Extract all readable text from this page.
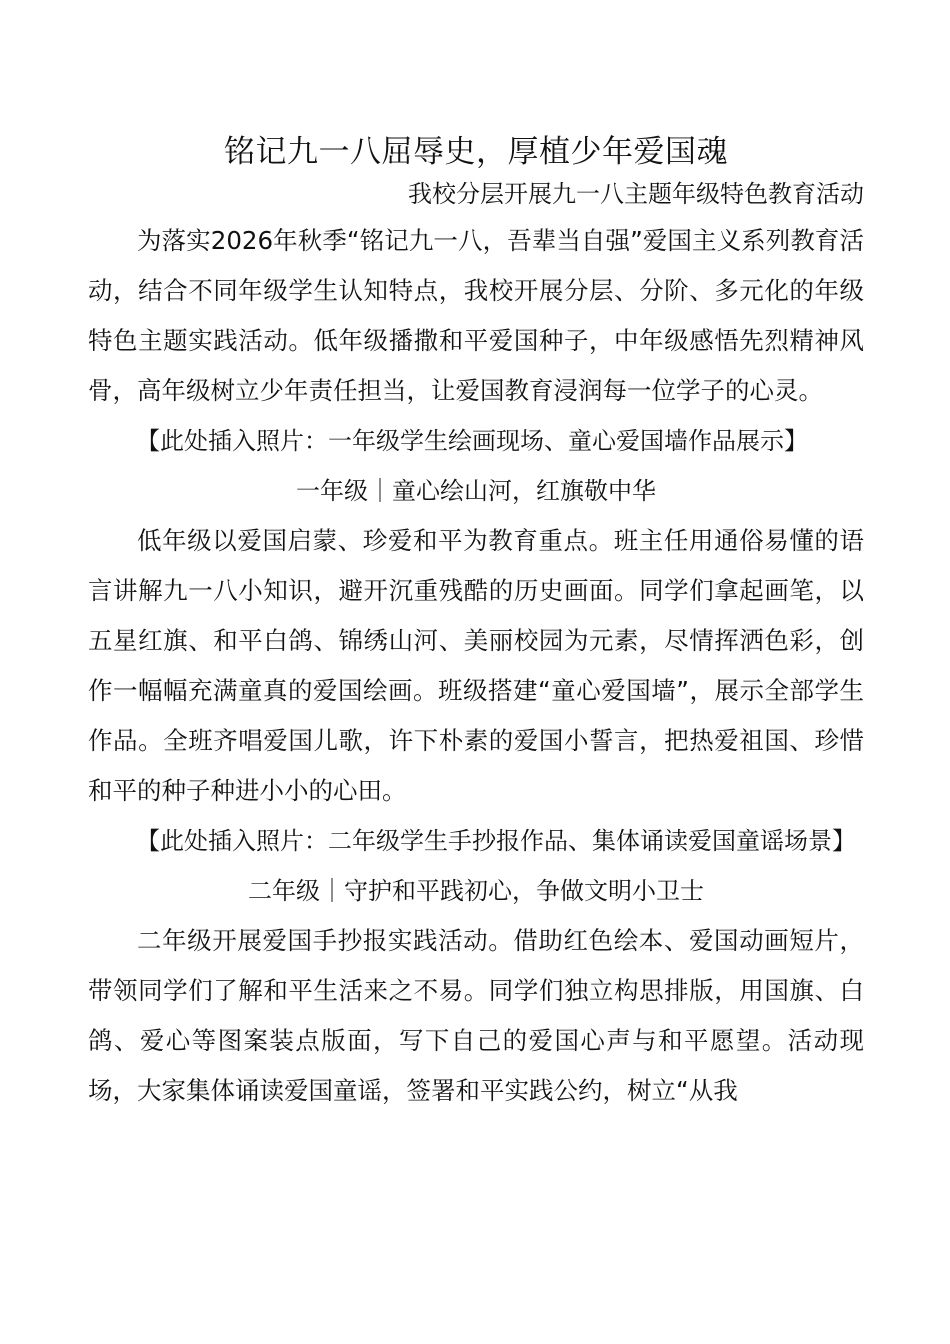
铭记九一八屈辱史，厚植少年爱国魂

我校分层开展九一八主题年级特色教育活动

为落实2026年秋季“铭记九一八，吾辈当自强”爱国主义系列教育活动，结合不同年级学生认知特点，我校开展分层、分阶、多元化的年级特色主题实践活动。低年级播撒和平爱国种子，中年级感悟先烈精神风骨，高年级树立少年责任担当，让爱国教育浸润每一位学子的心灵。

【此处插入照片：一年级学生绘画现场、童心爱国墙作品展示】

一年级｜童心绘山河，红旗敬中华

低年级以爱国启蒙、珍爱和平为教育重点。班主任用通俗易懂的语言讲解九一八小知识，避开沉重残酷的历史画面。同学们拿起画笔，以五星红旗、和平白鸽、锦绣山河、美丽校园为元素，尽情挥洒色彩，创作一幅幅充满童真的爱国绘画。班级搭建“童心爱国墙”，展示全部学生作品。全班齐唱爱国儿歌，许下朴素的爱国小誓言，把热爱祖国、珍惜和平的种子种进小小的心田。

【此处插入照片：二年级学生手抄报作品、集体诵读爱国童谣场景】

二年级｜守护和平践初心，争做文明小卫士

二年级开展爱国手抄报实践活动。借助红色绘本、爱国动画短片，带领同学们了解和平生活来之不易。同学们独立构思排版，用国旗、白鸽、爱心等图案装点版面，写下自己的爱国心声与和平愿望。活动现场，大家集体诵读爱国童谣，签署和平实践公约，树立“从我
